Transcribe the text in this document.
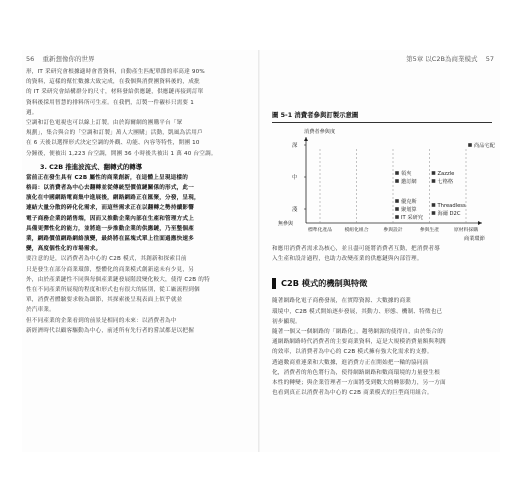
56 重新想像你的世界	第5章 以C2B為商業模式 57

形，IT 采研究會根據適時會普資料，自動產生匹配單節的率高達 90%

的資料，這樣的幫忙數據大致完成，在我個與消費團資料後的，成批

的 IT 采研究會結構群分的尺寸，材料發給供應鏈，供應鏈再接到訂單

資料後採用智慧的排料所可生產。在我們，訂製一件襯衫只需要 1

週。

空調和訂色電視也可以線上訂製。由於海爾網的團購平台「眾

規劃」，集合與合的「空調和訂製」萬人大團購」活動，凱風為活用戶

在 6 天後以選擇形式決定空調的外觀、功能、內容等特性，開團 10

分鐘後，便被出 1,223 台空調，開團 36 小時後共被出 1 萬 40 台空調。

3. C2B 推進波流式、翻轉式的轉導

當前正在發生具有 C2B 屬性的商業創新，在這體上呈現這樣的

格局：以消費者為中心去翻轉並從傳統型價值鏈關係的形式，此一

演化在中國網路電商集中進展後，網路網路正在匯聚，分發，呈現，

連結大量分散的碎化化需求，而這些需求正在以翻轉之勢持續影響

電子商務企業的銷售端，因而又推動企業內部在生產和管理方式上

具備更彈性化的能力，並將進一步推動企業的供應鏈，乃至整個產

業，網路價值網路網絡演變，最終將在區塊式單上往面過應快速多

變，高度個性化的市場需求。

要注意的是，以消費者為中心的 C2B 模式，其創新和探索目前

只是發生在部分商業環節，整體化的商業模式創新遠未有少見，另

外，由於產業鏈性不同與每個產業鏈發展階段變化較大，使得 C2B 的特

性在不同產業所展現的程度和形式也有很大的區別，從工廠流程到個

單，消費者體驗要求較為細節，其探索後呈現表面上似乎就並

於汽車業。

但不同產業的企業看到的前景是相同的未來：以消費者為中

新經濟時代以顧客驅動為中心，前述所有先行者的嘗試都是以把握

圖 5-1 消費者參與訂製示意圖
消費者參與度
商業環節
淺
中
深
無參與
標準化產品	模組化組合	參與設計	參與生產	原材料採購
尚品宅配
領夾
邀訂網
Zazzle
七格格
優克斯
聚划算
IT 采研究
Threadless
海爾 D2C

和應用消費者需求為核心，並且盡可能將消費者互動，把消費者導

入生產和設計過程，也助力改變產業的供應鏈與內部管理。

C2B 模式的機制與特徵

隨著網路化電子商務發展，在實際資源、大數據的商業

環境中，C2B 模式開始逐步發展，其動力、形態、機制、特徵也已

初步顯現。

隨著一個又一個網路的「網路化」，趨勢網源的使得自，由於集合的

通網路網路時代消費者的主要商業資料，這是大規模消費量額與利潤

的效率，以消費者為中心的 C2B 模式擁有強大化需求的支撐。

透過數商重連業和大數據，進消費方正在開始把一輪的協同演

化，消費者的角色將行為，使得網路網路和數商環境的力量發生根

本性的轉變；與企業管理者一方面將受到數大的轉影動力，另一方面

也看到真正以消費者為中心的 C2B 商業模式的巨型商用組合。
